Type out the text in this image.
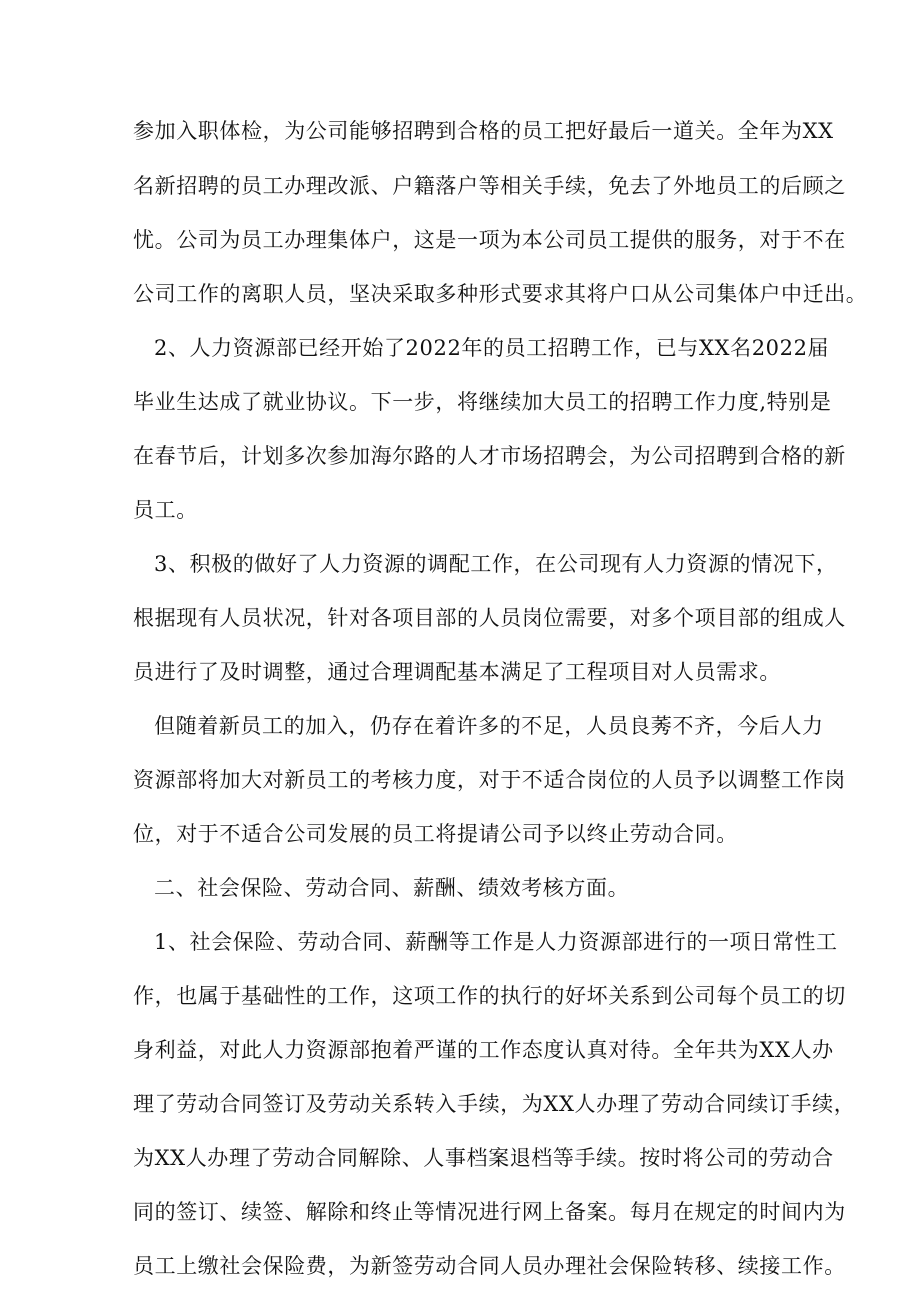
参加入职体检，为公司能够招聘到合格的员工把好最后一道关。全年为XX
名新招聘的员工办理改派、户籍落户等相关手续，免去了外地员工的后顾之
忧。公司为员工办理集体户，这是一项为本公司员工提供的服务，对于不在
公司工作的离职人员，坚决采取多种形式要求其将户口从公司集体户中迁出。
2、人力资源部已经开始了2022年的员工招聘工作，已与XX名2022届
毕业生达成了就业协议。下一步，将继续加大员工的招聘工作力度,特别是
在春节后，计划多次参加海尔路的人才市场招聘会，为公司招聘到合格的新
员工。
3、积极的做好了人力资源的调配工作，在公司现有人力资源的情况下，
根据现有人员状况，针对各项目部的人员岗位需要，对多个项目部的组成人
员进行了及时调整，通过合理调配基本满足了工程项目对人员需求。
但随着新员工的加入，仍存在着许多的不足，人员良莠不齐，今后人力
资源部将加大对新员工的考核力度，对于不适合岗位的人员予以调整工作岗
位，对于不适合公司发展的员工将提请公司予以终止劳动合同。
二、社会保险、劳动合同、薪酬、绩效考核方面。
1、社会保险、劳动合同、薪酬等工作是人力资源部进行的一项日常性工
作，也属于基础性的工作，这项工作的执行的好坏关系到公司每个员工的切
身利益，对此人力资源部抱着严谨的工作态度认真对待。全年共为XX人办
理了劳动合同签订及劳动关系转入手续，为XX人办理了劳动合同续订手续，
为XX人办理了劳动合同解除、人事档案退档等手续。按时将公司的劳动合
同的签订、续签、解除和终止等情况进行网上备案。每月在规定的时间内为
员工上缴社会保险费，为新签劳动合同人员办理社会保险转移、续接工作。
